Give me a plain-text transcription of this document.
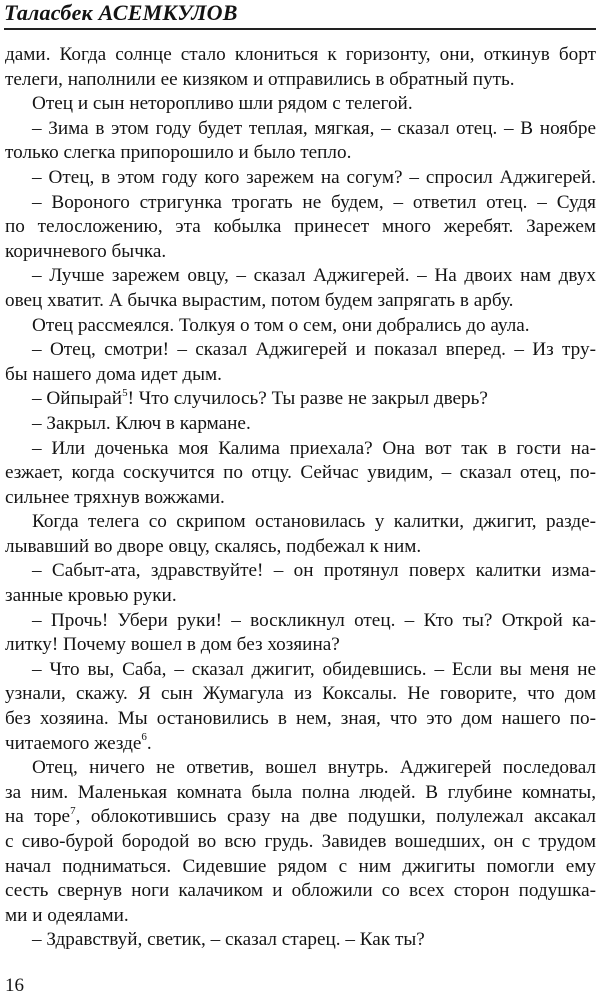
Таласбек АСЕМКУЛОВ
дами. Когда солнце стало клониться к горизонту, они, откинув борт
телеги, наполнили ее кизяком и отправились в обратный путь.
Отец и сын неторопливо шли рядом с телегой.
– Зима в этом году будет теплая, мягкая, – сказал отец. – В ноябре
только слегка припорошило и было тепло.
– Отец, в этом году кого зарежем на согум? – спросил Аджигерей.
– Вороного стригунка трогать не будем, – ответил отец. – Судя
по телосложению, эта кобылка принесет много жеребят. Зарежем
коричневого бычка.
– Лучше зарежем овцу, – сказал Аджигерей. – На двоих нам двух
овец хватит. А бычка вырастим, потом будем запрягать в арбу.
Отец рассмеялся. Толкуя о том о сем, они добрались до аула.
– Отец, смотри! – сказал Аджигерей и показал вперед. – Из тру-
бы нашего дома идет дым.
– Ойпырай$^5$! Что случилось? Ты разве не закрыл дверь?
– Закрыл. Ключ в кармане.
– Или доченька моя Калима приехала? Она вот так в гости на-
езжает, когда соскучится по отцу. Сейчас увидим, – сказал отец, по-
сильнее тряхнув вожжами.
Когда телега со скрипом остановилась у калитки, джигит, разде-
лывавший во дворе овцу, скалясь, подбежал к ним.
– Сабыт-ата, здравствуйте! – он протянул поверх калитки изма-
занные кровью руки.
– Прочь! Убери руки! – воскликнул отец. – Кто ты? Открой ка-
литку! Почему вошел в дом без хозяина?
– Что вы, Саба, – сказал джигит, обидевшись. – Если вы меня не
узнали, скажу. Я сын Жумагула из Коксалы. Не говорите, что дом
без хозяина. Мы остановились в нем, зная, что это дом нашего по-
читаемого жезде$^6$.
Отец, ничего не ответив, вошел внутрь. Аджигерей последовал
за ним. Маленькая комната была полна людей. В глубине комнаты,
на торе$^7$, облокотившись сразу на две подушки, полулежал аксакал
с сиво-бурой бородой во всю грудь. Завидев вошедших, он с трудом
начал подниматься. Сидевшие рядом с ним джигиты помогли ему
сесть свернув ноги калачиком и обложили со всех сторон подушка-
ми и одеялами.
– Здравствуй, светик, – сказал старец. – Как ты?
16
